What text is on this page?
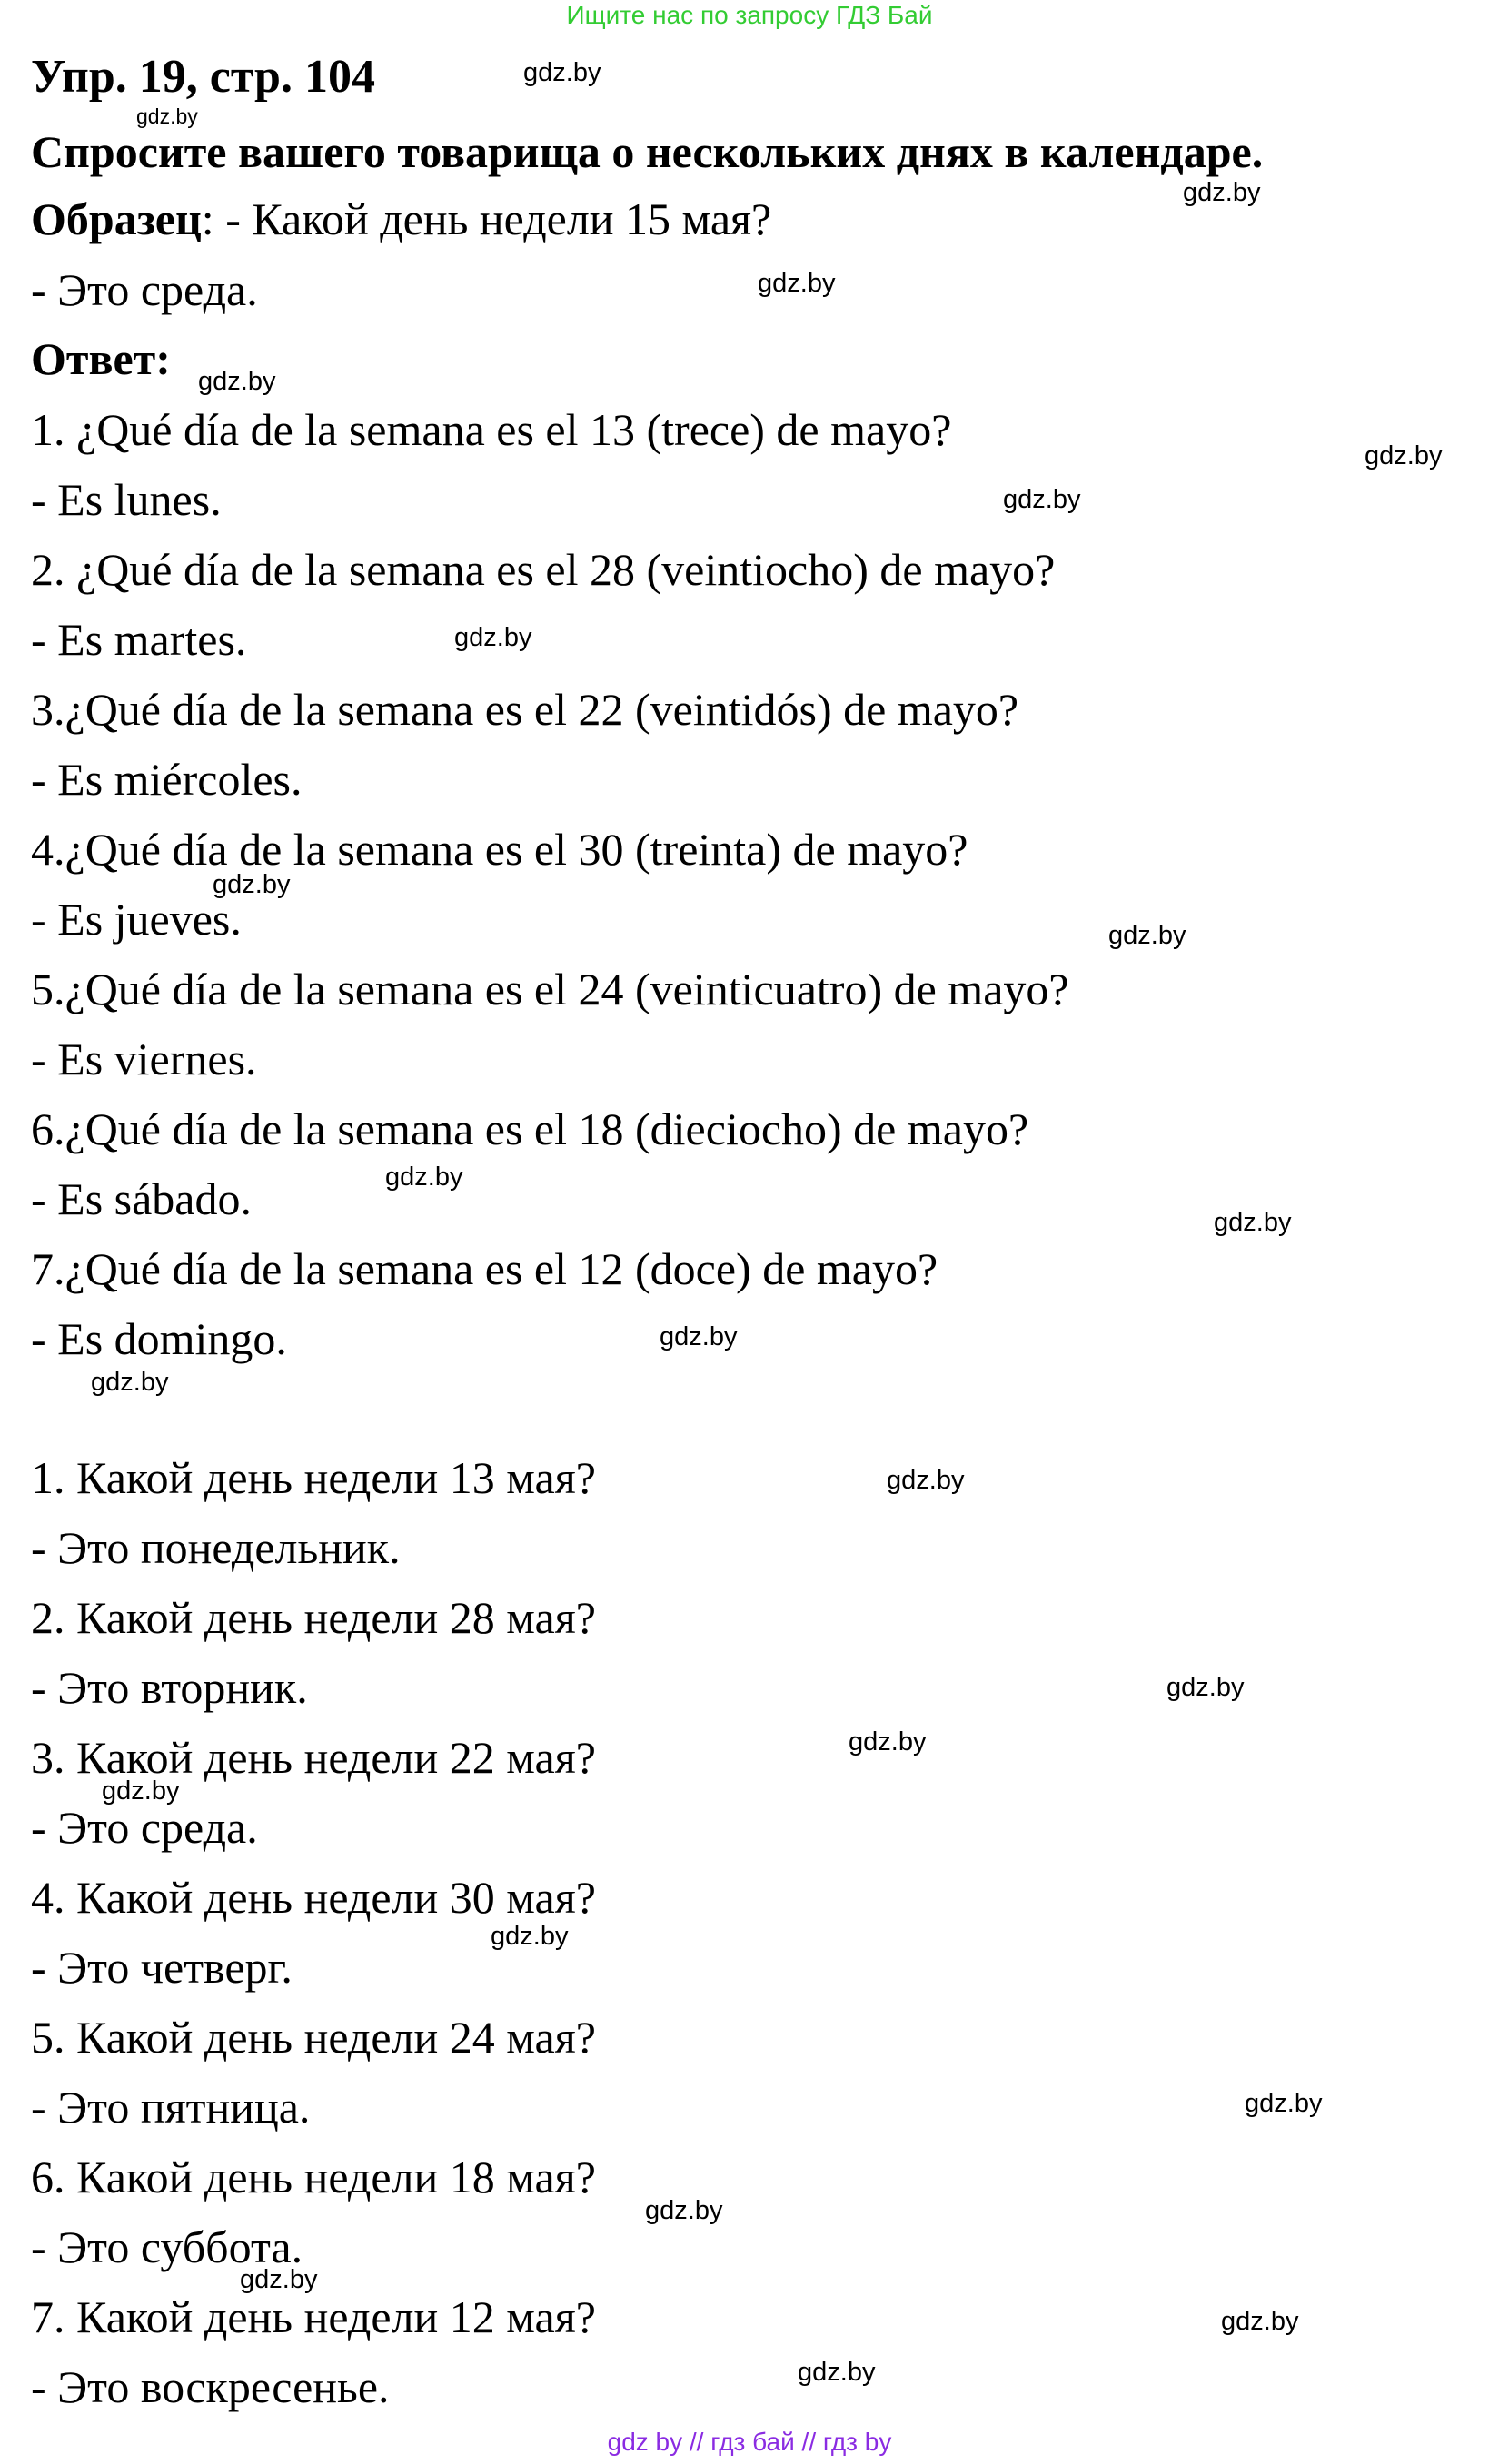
Ищите нас по запросу ГДЗ Бай
Упр. 19, стр. 104
Спросите вашего товарища о нескольких днях в календаре.
Образец: - Какой день недели 15 мая?
- Это среда.
Ответ:
1. ¿Qué día de la semana es el 13 (trece) de mayo?
- Es lunes.
2. ¿Qué día de la semana es el 28 (veintiocho) de mayo?
- Es martes.
3.¿Qué día de la semana es el 22 (veintidós) de mayo?
- Es miércoles.
4.¿Qué día de la semana es el 30 (treinta) de mayo?
- Es jueves.
5.¿Qué día de la semana es el 24 (veinticuatro) de mayo?
- Es viernes.
6.¿Qué día de la semana es el 18 (dieciocho) de mayo?
- Es sábado.
7.¿Qué día de la semana es el 12 (doce) de mayo?
- Es domingo.
1. Какой день недели 13 мая?
- Это понедельник.
2. Какой день недели 28 мая?
- Это вторник.
3. Какой день недели 22 мая?
- Это среда.
4. Какой день недели 30 мая?
- Это четверг.
5. Какой день недели 24 мая?
- Это пятница.
6. Какой день недели 18 мая?
- Это суббота.
7. Какой день недели 12 мая?
- Это воскресенье.
gdz.by
gdz.by
gdz.by
gdz.by
gdz.by
gdz.by
gdz.by
gdz.by
gdz.by
gdz.by
gdz.by
gdz.by
gdz.by
gdz.by
gdz.by
gdz.by
gdz.by
gdz.by
gdz.by
gdz.by
gdz.by
gdz.by
gdz.by
gdz.by
gdz by // гдз бай // гдз by
